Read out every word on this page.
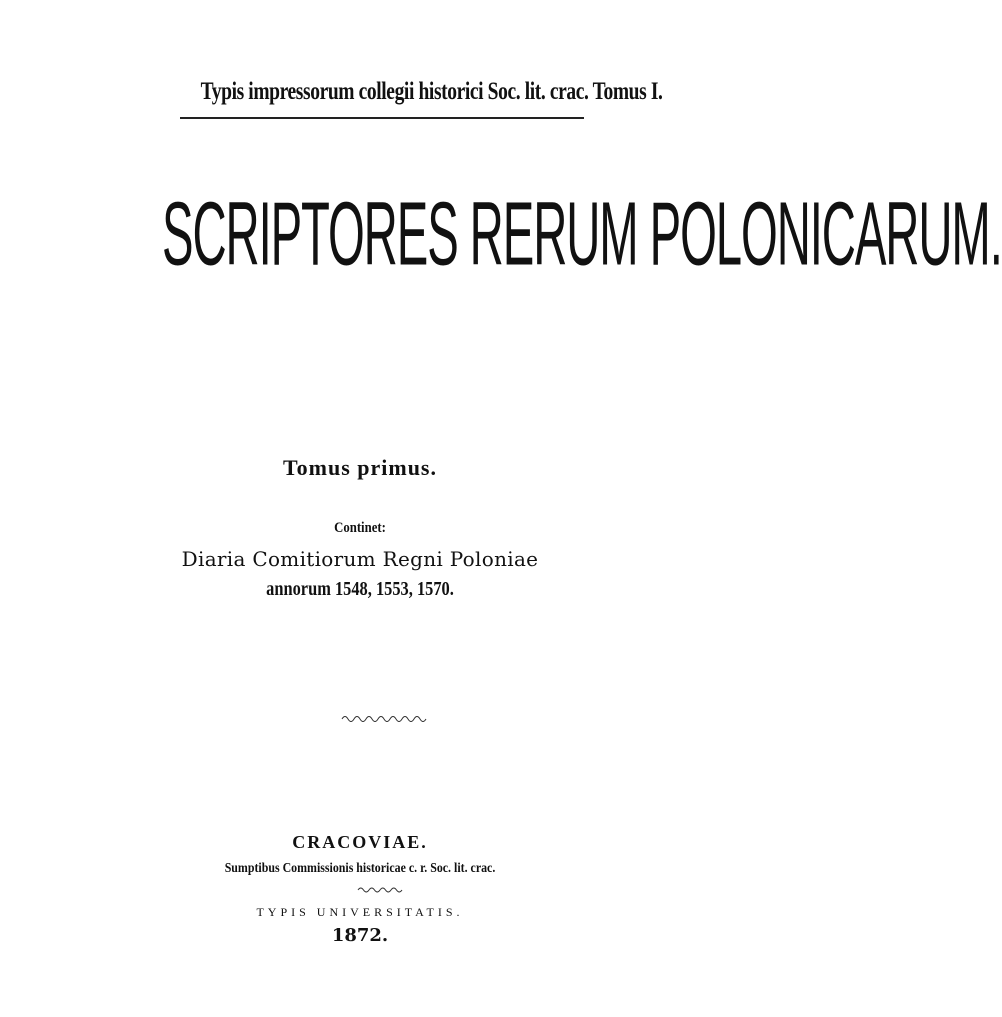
Typis impressorum collegii historici Soc. lit. crac. Tomus I.
SCRIPTORES RERUM POLONICARUM.
Tomus primus.
Continet:
Diaria Comitiorum Regni Poloniae
annorum 1548, 1553, 1570.
CRACOVIAE.
Sumptibus Commissionis historicae c. r. Soc. lit. crac.
TYPIS UNIVERSITATIS.
1872.
